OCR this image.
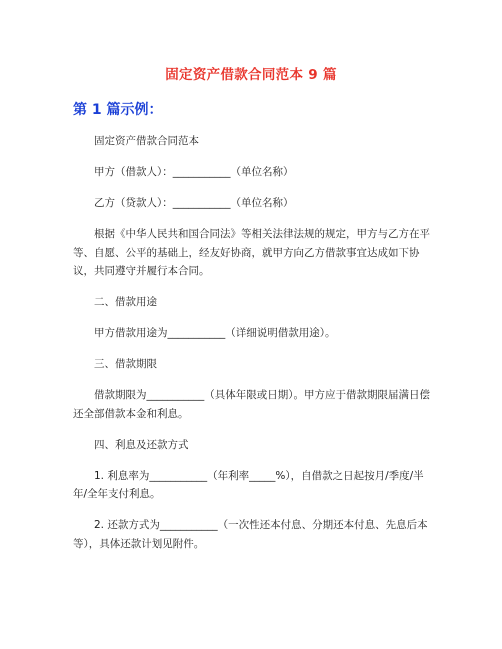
固定资产借款合同范本 9 篇
第 1 篇示例：

固定资产借款合同范本

甲方（借款人）：___________（单位名称）

乙方（贷款人）：___________（单位名称）

根据《中华人民共和国合同法》等相关法律法规的规定，甲方与乙方在平等、自愿、公平的基础上，经友好协商，就甲方向乙方借款事宜达成如下协议，共同遵守并履行本合同。

二、借款用途

甲方借款用途为___________（详细说明借款用途）。

三、借款期限

借款期限为___________（具体年限或日期）。甲方应于借款期限届满日偿还全部借款本金和利息。

四、利息及还款方式

1. 利息率为___________（年利率_____%），自借款之日起按月/季度/半年/全年支付利息。

2. 还款方式为___________（一次性还本付息、分期还本付息、先息后本等），具体还款计划见附件。
